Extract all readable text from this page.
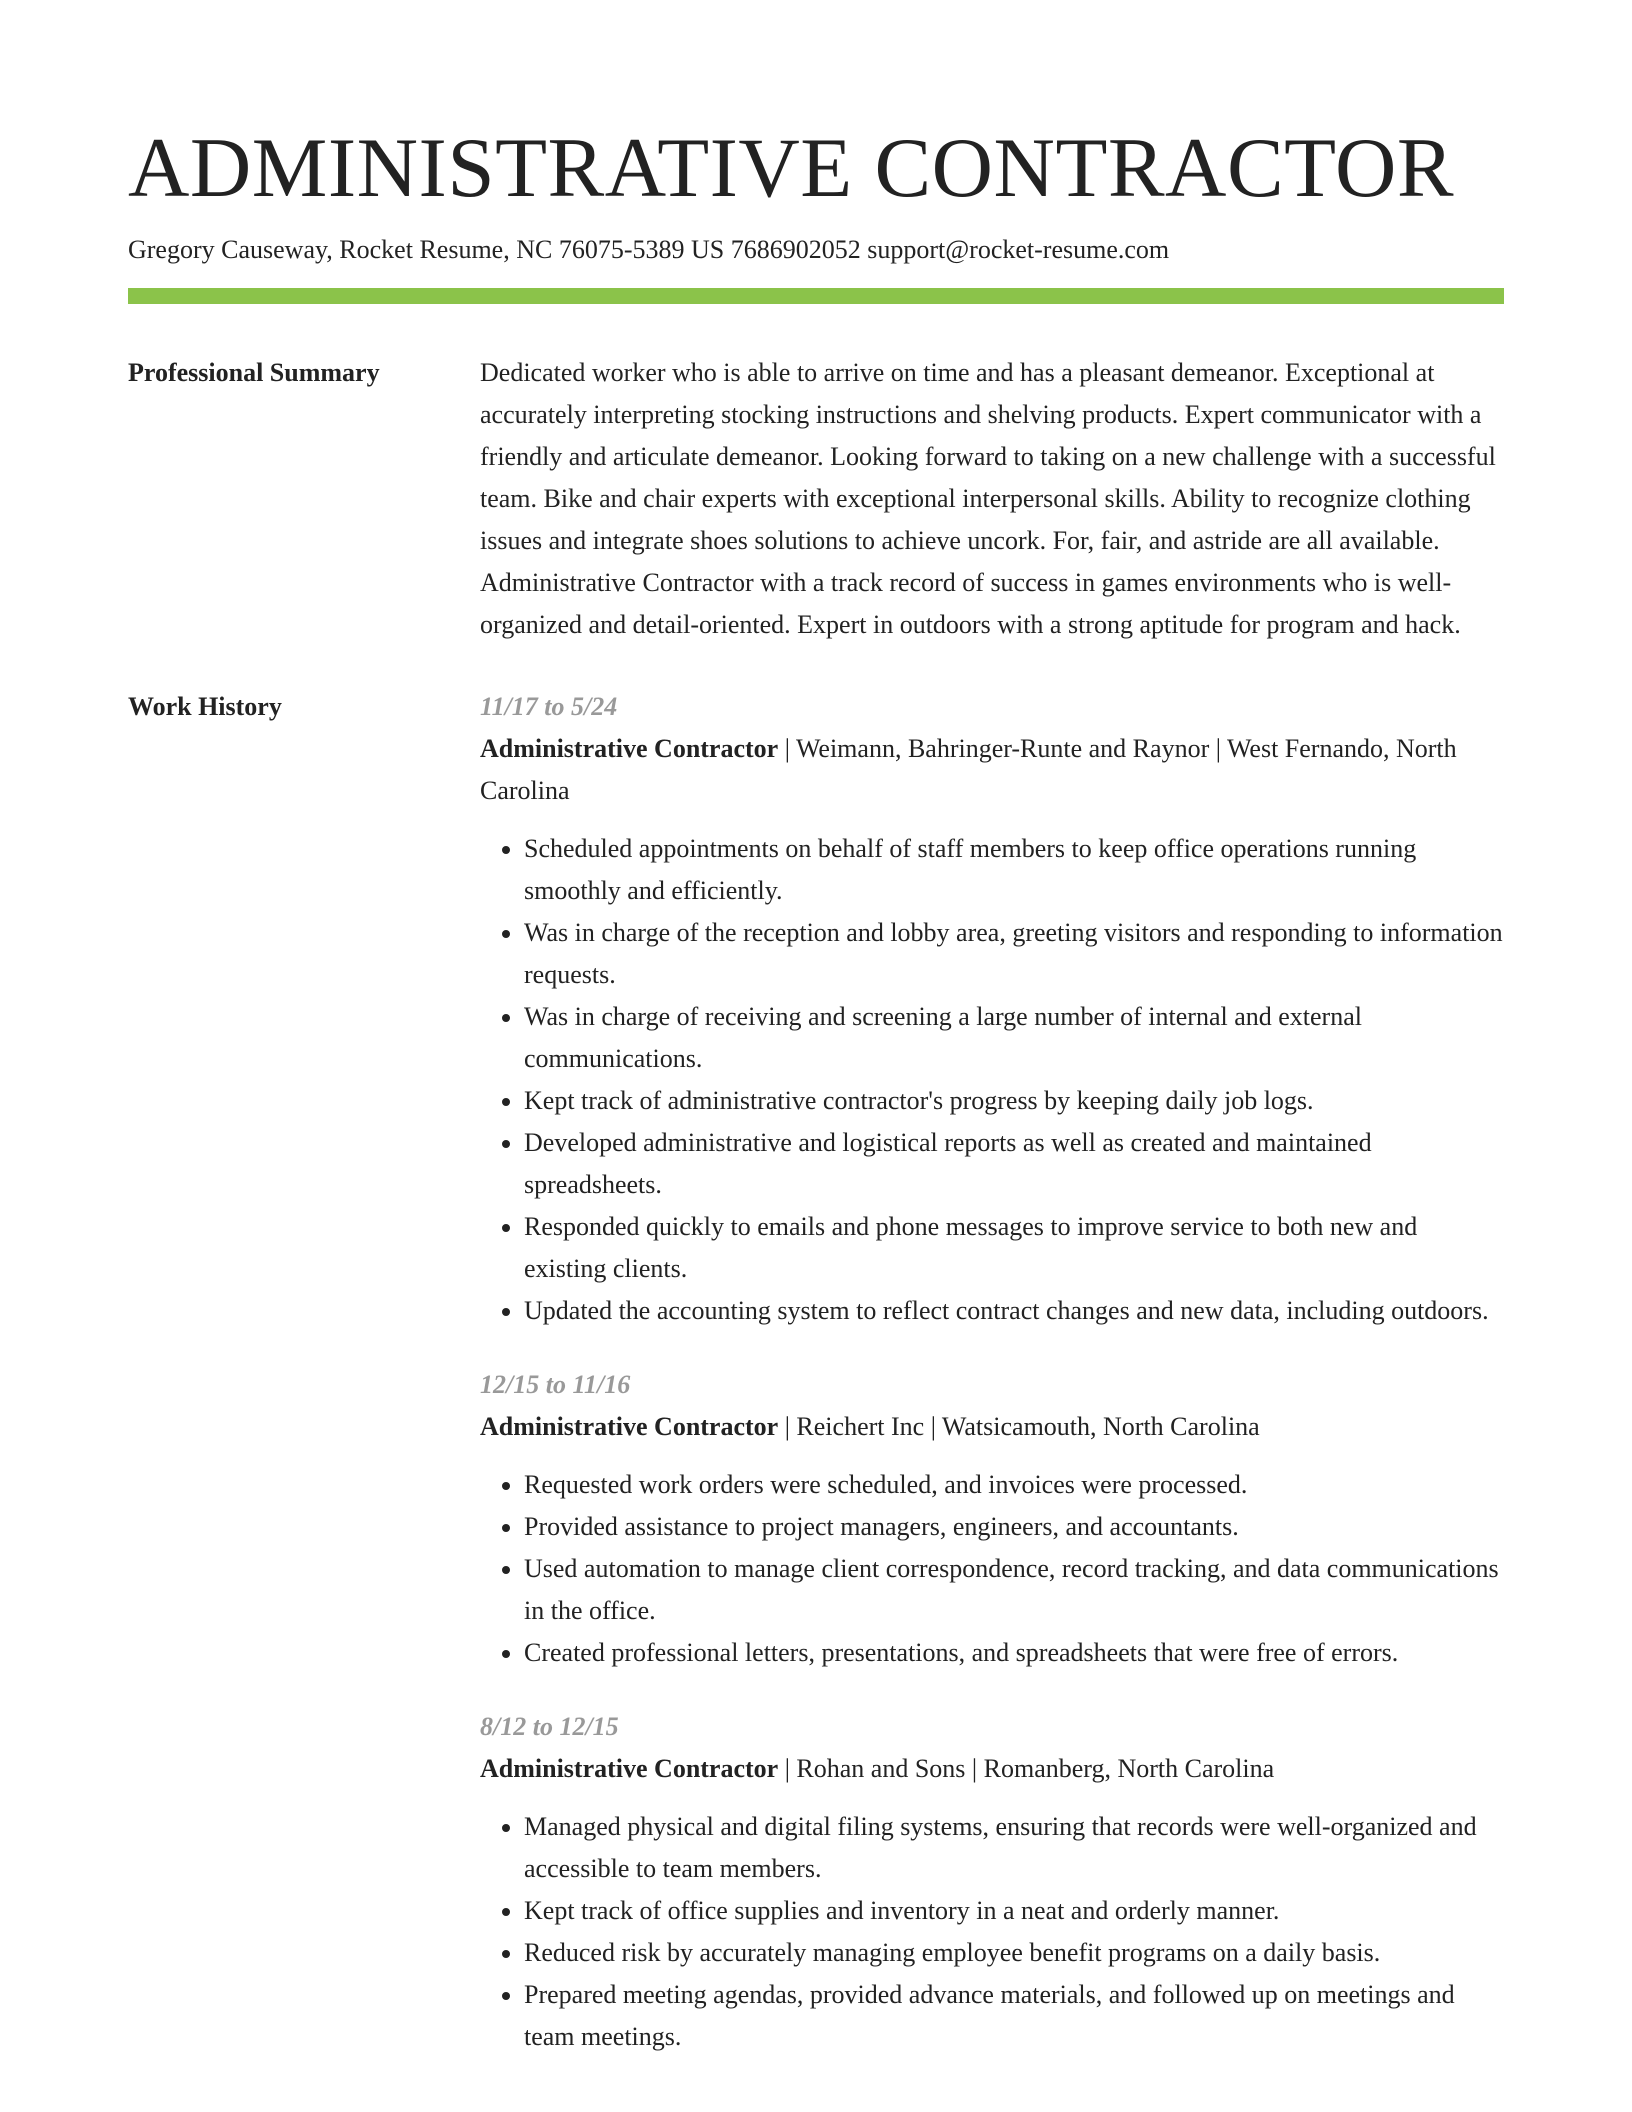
ADMINISTRATIVE CONTRACTOR
Gregory Causeway, Rocket Resume, NC 76075-5389 US 7686902052 support@rocket-resume.com
Professional Summary	Dedicated worker who is able to arrive on time and has a pleasant demeanor. Exceptional at accurately interpreting stocking instructions and shelving products. Expert communicator with a friendly and articulate demeanor. Looking forward to taking on a new challenge with a successful team. Bike and chair experts with exceptional interpersonal skills. Ability to recognize clothing issues and integrate shoes solutions to achieve uncork. For, fair, and astride are all available. Administrative Contractor with a track record of success in games environments who is well-organized and detail-oriented. Expert in outdoors with a strong aptitude for program and hack.

Work History	11/17 to 5/24
Administrative Contractor | Weimann, Bahringer-Runte and Raynor | West Fernando, North Carolina
• Scheduled appointments on behalf of staff members to keep office operations running smoothly and efficiently.
• Was in charge of the reception and lobby area, greeting visitors and responding to information requests.
• Was in charge of receiving and screening a large number of internal and external communications.
• Kept track of administrative contractor's progress by keeping daily job logs.
• Developed administrative and logistical reports as well as created and maintained spreadsheets.
• Responded quickly to emails and phone messages to improve service to both new and existing clients.
• Updated the accounting system to reflect contract changes and new data, including outdoors.
12/15 to 11/16
Administrative Contractor | Reichert Inc | Watsicamouth, North Carolina
• Requested work orders were scheduled, and invoices were processed.
• Provided assistance to project managers, engineers, and accountants.
• Used automation to manage client correspondence, record tracking, and data communications in the office.
• Created professional letters, presentations, and spreadsheets that were free of errors.
8/12 to 12/15
Administrative Contractor | Rohan and Sons | Romanberg, North Carolina
• Managed physical and digital filing systems, ensuring that records were well-organized and accessible to team members.
• Kept track of office supplies and inventory in a neat and orderly manner.
• Reduced risk by accurately managing employee benefit programs on a daily basis.
• Prepared meeting agendas, provided advance materials, and followed up on meetings and team meetings.
